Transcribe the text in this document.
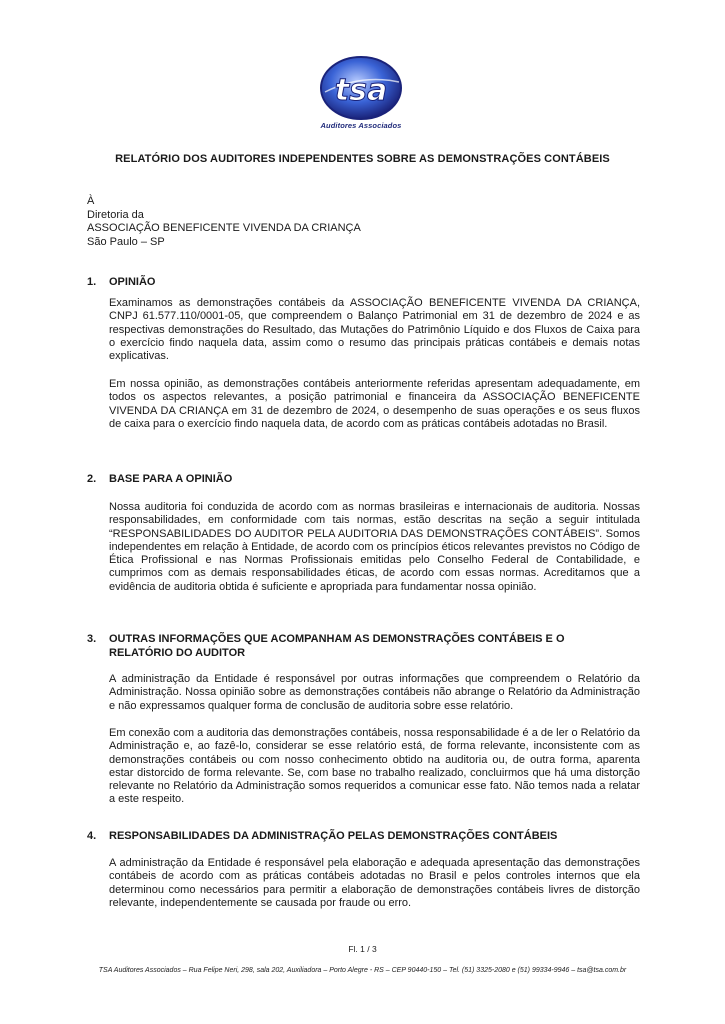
tsa
Auditores Associados
RELATÓRIO DOS AUDITORES INDEPENDENTES SOBRE AS DEMONSTRAÇÕES CONTÁBEIS
À
Diretoria da
ASSOCIAÇÃO BENEFICENTE VIVENDA DA CRIANÇA
São Paulo – SP
1. OPINIÃO
Examinamos as demonstrações contábeis da ASSOCIAÇÃO BENEFICENTE VIVENDA DA CRIANÇA, CNPJ 61.577.110/0001-05, que compreendem o Balanço Patrimonial em 31 de dezembro de 2024 e as respectivas demonstrações do Resultado, das Mutações do Patrimônio Líquido e dos Fluxos de Caixa para o exercício findo naquela data, assim como o resumo das principais práticas contábeis e demais notas explicativas.
Em nossa opinião, as demonstrações contábeis anteriormente referidas apresentam adequadamente, em todos os aspectos relevantes, a posição patrimonial e financeira da ASSOCIAÇÃO BENEFICENTE VIVENDA DA CRIANÇA em 31 de dezembro de 2024, o desempenho de suas operações e os seus fluxos de caixa para o exercício findo naquela data, de acordo com as práticas contábeis adotadas no Brasil.
2. BASE PARA A OPINIÃO
Nossa auditoria foi conduzida de acordo com as normas brasileiras e internacionais de auditoria. Nossas responsabilidades, em conformidade com tais normas, estão descritas na seção a seguir intitulada “RESPONSABILIDADES DO AUDITOR PELA AUDITORIA DAS DEMONSTRAÇÕES CONTÁBEIS”. Somos independentes em relação à Entidade, de acordo com os princípios éticos relevantes previstos no Código de Ética Profissional e nas Normas Profissionais emitidas pelo Conselho Federal de Contabilidade, e cumprimos com as demais responsabilidades éticas, de acordo com essas normas. Acreditamos que a evidência de auditoria obtida é suficiente e apropriada para fundamentar nossa opinião.
3. OUTRAS INFORMAÇÕES QUE ACOMPANHAM AS DEMONSTRAÇÕES CONTÁBEIS E O RELATÓRIO DO AUDITOR
A administração da Entidade é responsável por outras informações que compreendem o Relatório da Administração. Nossa opinião sobre as demonstrações contábeis não abrange o Relatório da Administração e não expressamos qualquer forma de conclusão de auditoria sobre esse relatório.
Em conexão com a auditoria das demonstrações contábeis, nossa responsabilidade é a de ler o Relatório da Administração e, ao fazê-lo, considerar se esse relatório está, de forma relevante, inconsistente com as demonstrações contábeis ou com nosso conhecimento obtido na auditoria ou, de outra forma, aparenta estar distorcido de forma relevante. Se, com base no trabalho realizado, concluirmos que há uma distorção relevante no Relatório da Administração somos requeridos a comunicar esse fato. Não temos nada a relatar a este respeito.
4. RESPONSABILIDADES DA ADMINISTRAÇÃO PELAS DEMONSTRAÇÕES CONTÁBEIS
A administração da Entidade é responsável pela elaboração e adequada apresentação das demonstrações contábeis de acordo com as práticas contábeis adotadas no Brasil e pelos controles internos que ela determinou como necessários para permitir a elaboração de demonstrações contábeis livres de distorção relevante, independentemente se causada por fraude ou erro.
Fl. 1 / 3
TSA Auditores Associados – Rua Felipe Neri, 298, sala 202, Auxiliadora – Porto Alegre - RS – CEP 90440-150 – Tel. (51) 3325-2080 e (51) 99334-9946 – tsa@tsa.com.br
